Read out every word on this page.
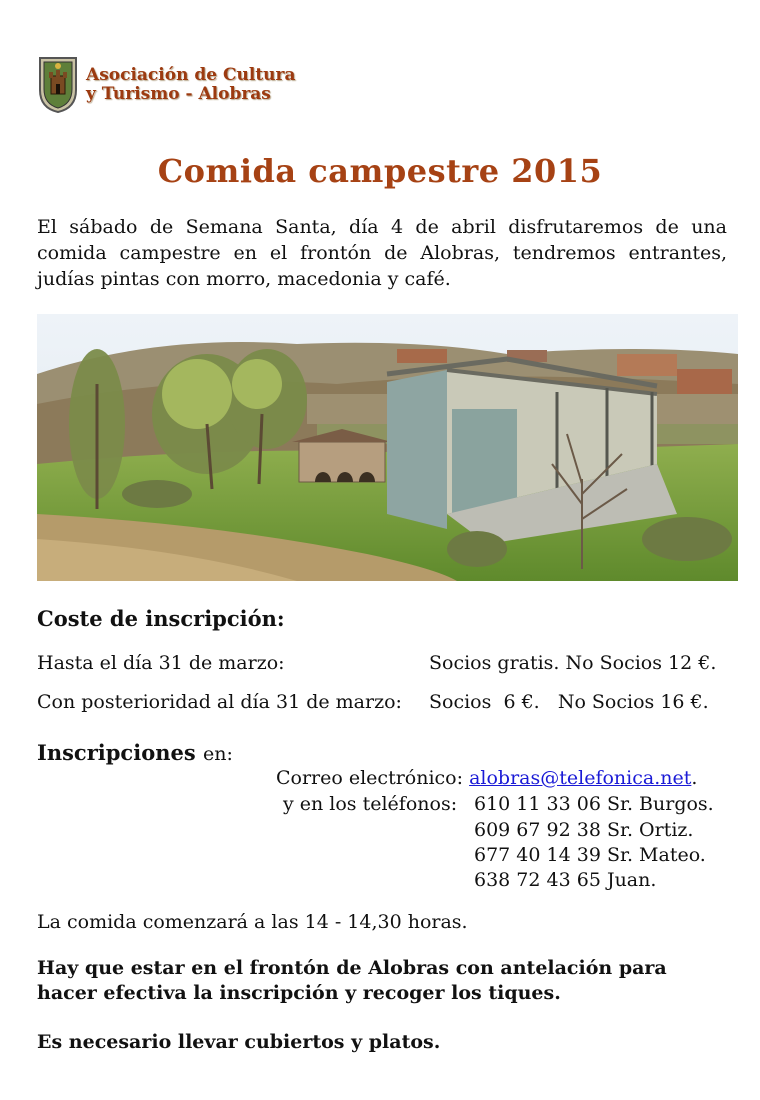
Asociación de Cultura
y Turismo - Alobras
Comida campestre 2015
El sábado de Semana Santa, día 4 de abril disfrutaremos de una comida campestre en el frontón de Alobras, tendremos entrantes, judías pintas con morro, macedonia y café.
Coste de inscripción:
Hasta el día 31 de marzo:	Socios gratis. No Socios 12 €.
Con posterioridad al día 31 de marzo: Socios  6 €.   No Socios 16 €.
Inscripciones en:
Correo electrónico: alobras@telefonica.net.
y en los teléfonos: 610 11 33 06 Sr. Burgos.
609 67 92 38 Sr. Ortiz.
677 40 14 39 Sr. Mateo.
638 72 43 65 Juan.
La comida comenzará a las 14 - 14,30 horas.
Hay que estar en el frontón de Alobras con antelación para hacer efectiva la inscripción y recoger los tiques.
Es necesario llevar cubiertos y platos.
